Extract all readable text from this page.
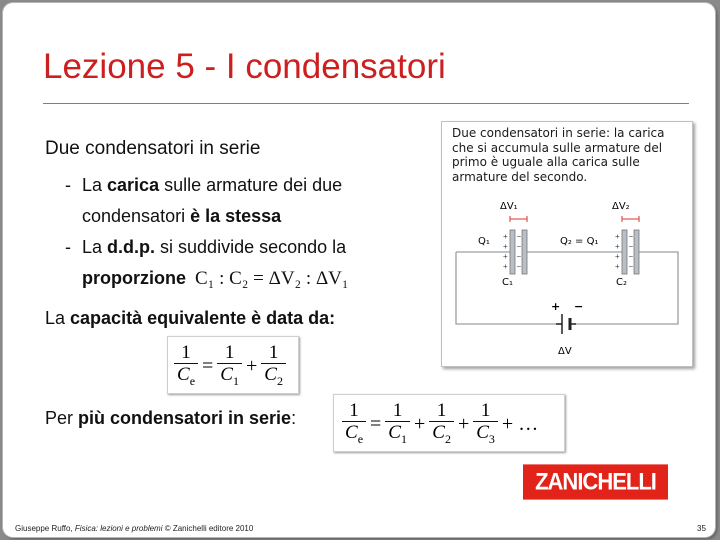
Lezione 5 - I condensatori
Due condensatori in serie
- La carica sulle armature dei due
condensatori è la stessa
- La d.d.p. si suddivide secondo la
proporzione C₁ : C₂ = ΔV₂ : ΔV₁
La capacità equivalente è data da:
$\frac{1}{C_e} = \frac{1}{C_1} + \frac{1}{C_2}$
Per più condensatori in serie: $\frac{1}{C_e} = \frac{1}{C_1} + \frac{1}{C_2} + \frac{1}{C_3}$ + …
Due condensatori in serie: la carica che si accumula sulle armature del primo è uguale alla carica sulle armature del secondo.
+
+
+
+
−
−
−
−
+
+
+
+
−
−
−
−
ΔV₁	ΔV₂
Q₁	Q₂ = Q₁
C₁	C₂
+ −
ΔV
ZANICHELLI
Giuseppe Ruffo, Fisica: lezioni e problemi © Zanichelli editore 2010	35
